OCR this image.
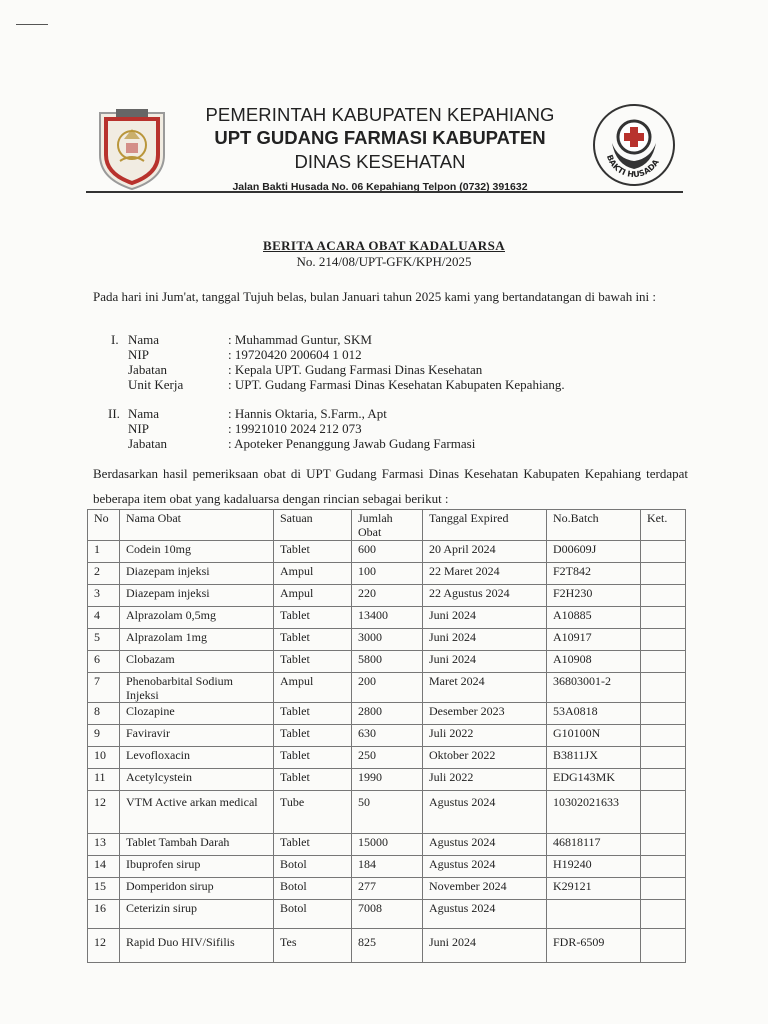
PEMERINTAH KABUPATEN KEPAHIANG
UPT GUDANG FARMASI KABUPATEN
DINAS KESEHATAN
Jalan Bakti Husada No. 06 Kepahiang Telpon (0732) 391632
BAKTI HUSADA
BERITA ACARA OBAT KADALUARSA
No. 214/08/UPT-GFK/KPH/2025
Pada hari ini Jum'at, tanggal Tujuh belas, bulan Januari tahun 2025 kami yang bertandatangan di bawah ini :
I. Nama	: Muhammad Guntur, SKM
NIP	: 19720420 200604 1 012
Jabatan	: Kepala UPT. Gudang Farmasi Dinas Kesehatan
Unit Kerja	: UPT. Gudang Farmasi Dinas Kesehatan Kabupaten Kepahiang.
II. Nama	: Hannis Oktaria, S.Farm., Apt
NIP	: 19921010 2024 212 073
Jabatan	: Apoteker Penanggung Jawab Gudang Farmasi
Berdasarkan hasil pemeriksaan obat di UPT Gudang Farmasi Dinas Kesehatan Kabupaten Kepahiang terdapat beberapa item obat yang kadaluarsa dengan rincian sebagai berikut :
No	Nama Obat	Satuan	Jumlah Obat	Tanggal Expired	No.Batch	Ket.
1	Codein 10mg	Tablet	600	20 April 2024	D00609J	
2	Diazepam injeksi	Ampul	100	22 Maret 2024	F2T842	
3	Diazepam injeksi	Ampul	220	22 Agustus 2024	F2H230	
4	Alprazolam 0,5mg	Tablet	13400	Juni 2024	A10885	
5	Alprazolam 1mg	Tablet	3000	Juni 2024	A10917	
6	Clobazam	Tablet	5800	Juni 2024	A10908	
7	Phenobarbital Sodium Injeksi	Ampul	200	Maret 2024	36803001-2	
8	Clozapine	Tablet	2800	Desember 2023	53A0818	
9	Faviravir	Tablet	630	Juli 2022	G10100N	
10	Levofloxacin	Tablet	250	Oktober 2022	B3811JX	
11	Acetylcystein	Tablet	1990	Juli 2022	EDG143MK	
12	VTM Active arkan medical	Tube	50	Agustus 2024	10302021633	
13	Tablet Tambah Darah	Tablet	15000	Agustus 2024	46818117	
14	Ibuprofen sirup	Botol	184	Agustus 2024	H19240	
15	Domperidon sirup	Botol	277	November 2024	K29121	
16	Ceterizin sirup	Botol	7008	Agustus 2024		
12	Rapid Duo HIV/Sifilis	Tes	825	Juni 2024	FDR-6509	
